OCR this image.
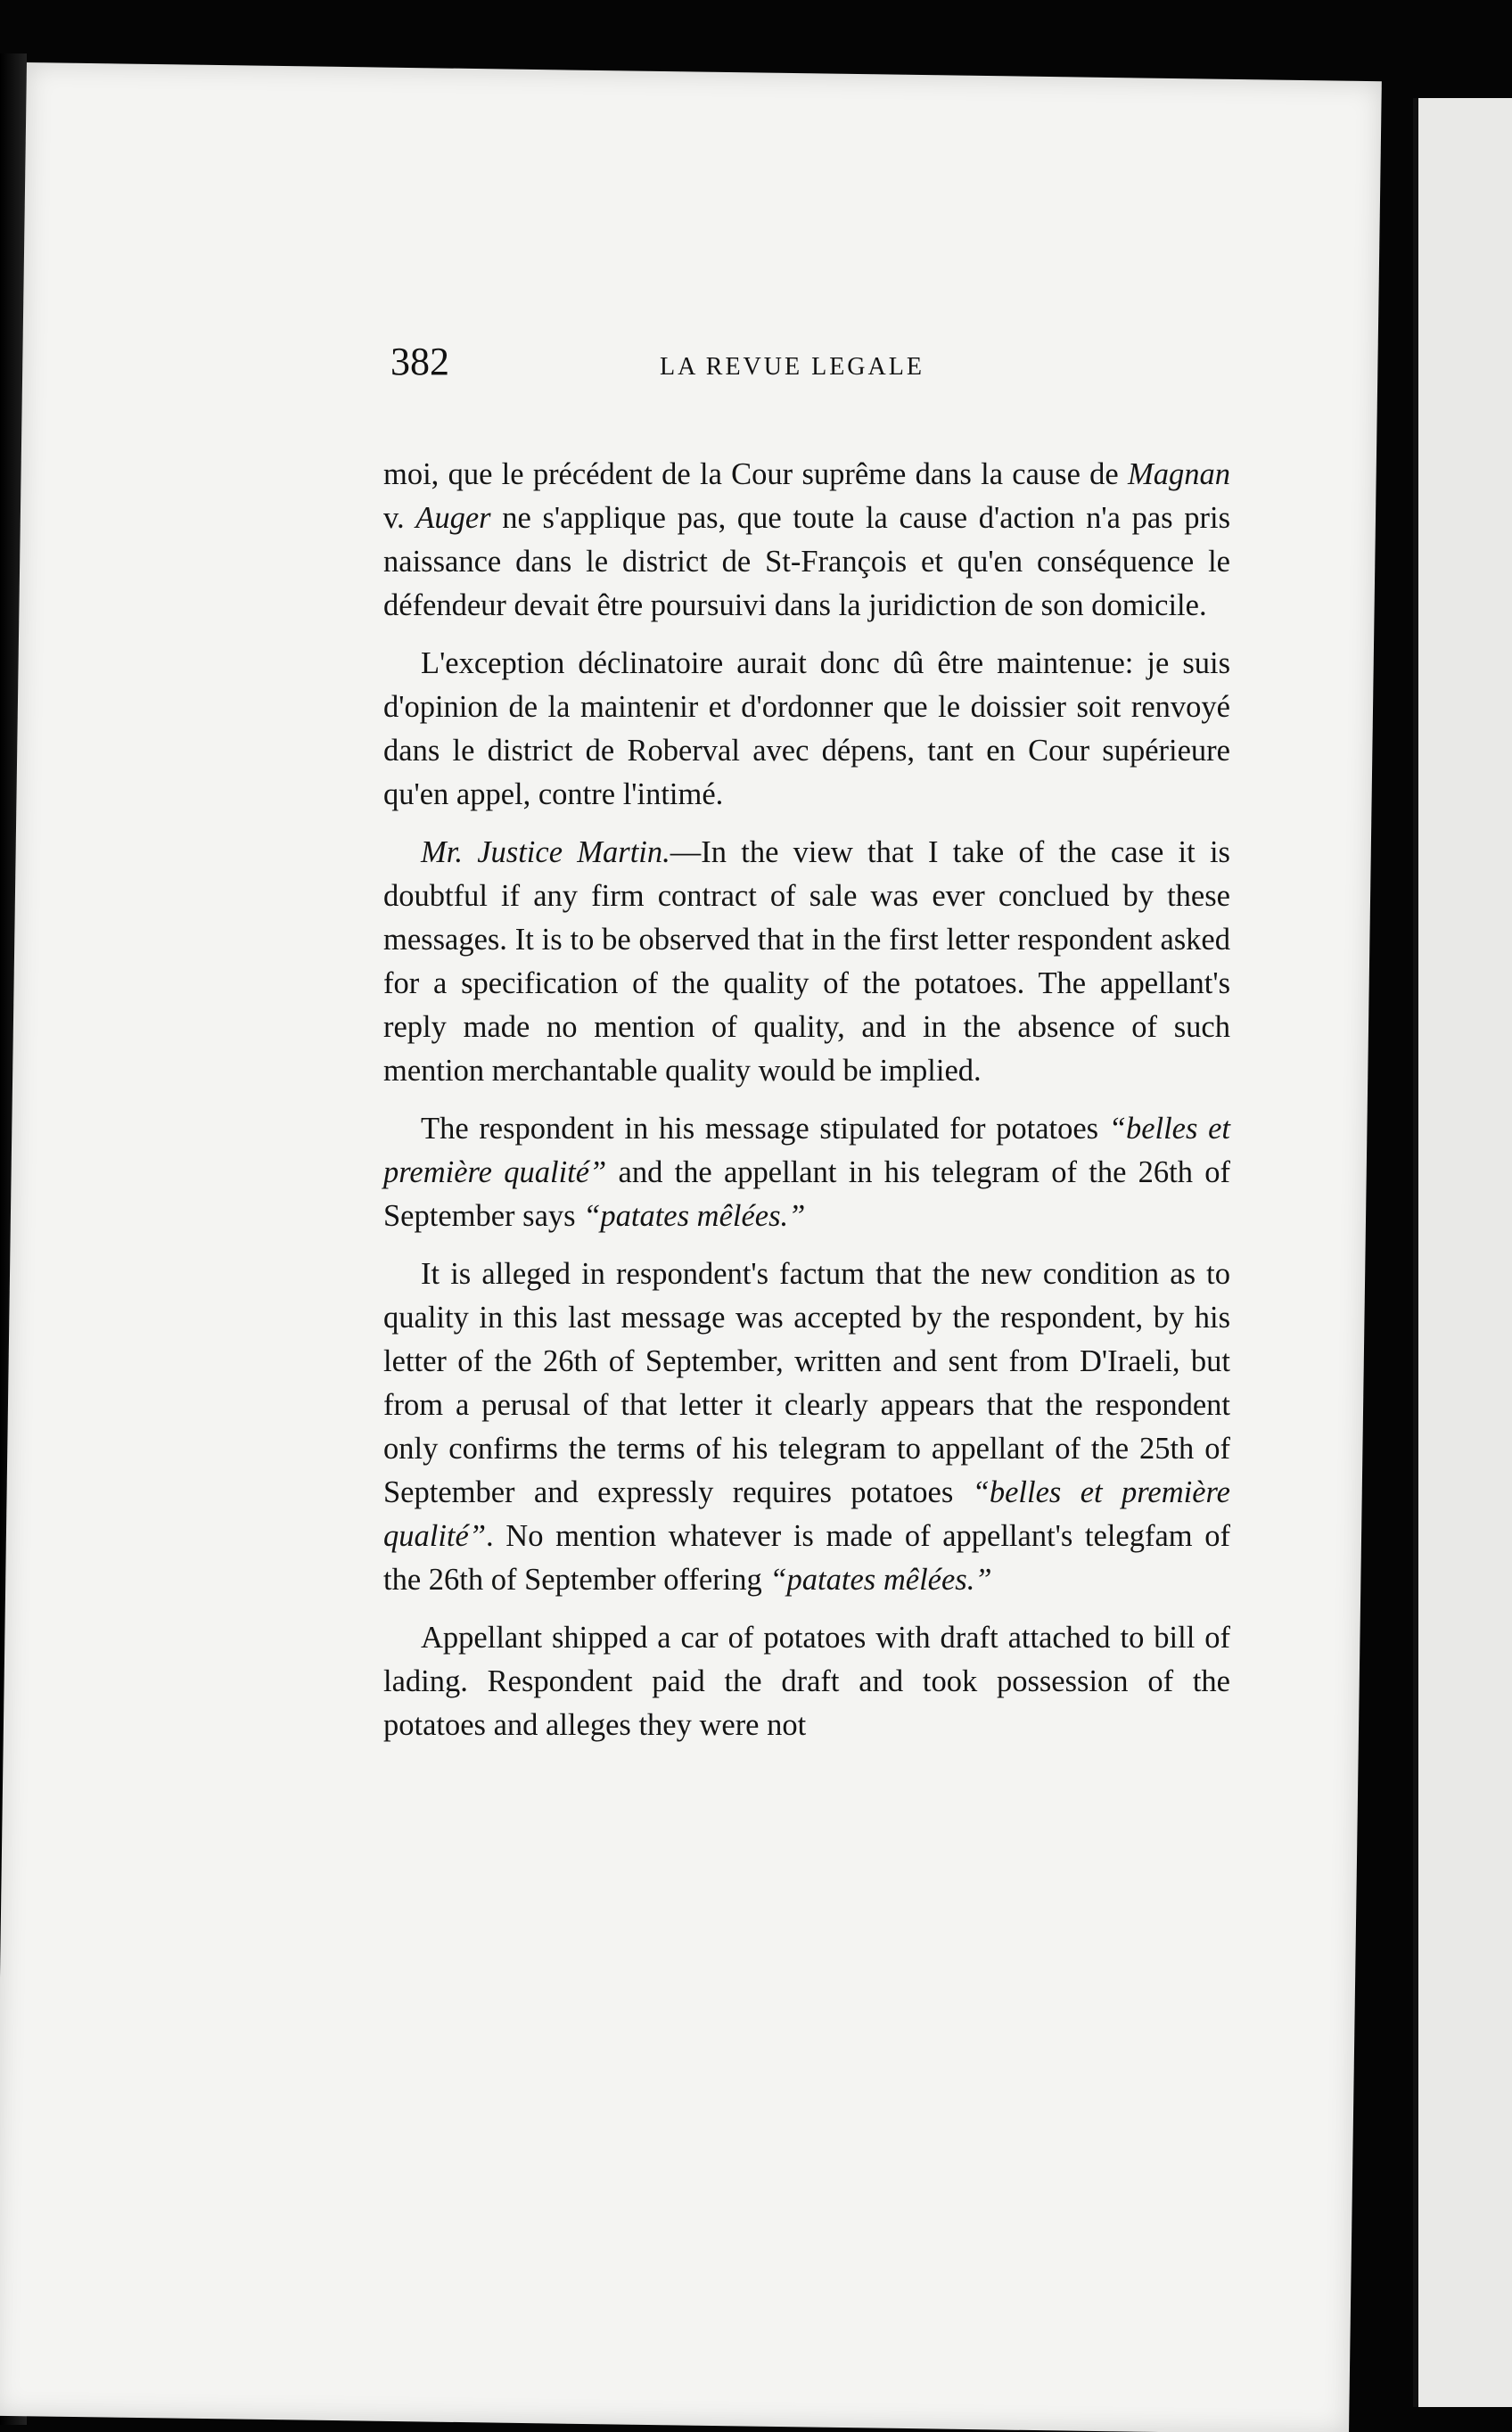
382	LA REVUE LEGALE

moi, que le précédent de la Cour suprême dans la cause de Magnan v. Auger ne s'applique pas, que toute la cause d'action n'a pas pris naissance dans le district de St-François et qu'en conséquence le défendeur devait être poursuivi dans la juridiction de son domicile.

L'exception déclinatoire aurait donc dû être maintenue: je suis d'opinion de la maintenir et d'ordonner que le doissier soit renvoyé dans le district de Roberval avec dépens, tant en Cour supérieure qu'en appel, contre l'intimé.

Mr. Justice Martin.—In the view that I take of the case it is doubtful if any firm contract of sale was ever conclued by these messages. It is to be observed that in the first letter respondent asked for a specification of the quality of the potatoes. The appellant's reply made no mention of quality, and in the absence of such mention merchantable quality would be implied.

The respondent in his message stipulated for potatoes “belles et première qualité” and the appellant in his telegram of the 26th of September says “patates mêlées.”

It is alleged in respondent's factum that the new condition as to quality in this last message was accepted by the respondent, by his letter of the 26th of September, written and sent from D'Iraeli, but from a perusal of that letter it clearly appears that the respondent only confirms the terms of his telegram to appellant of the 25th of September and expressly requires potatoes “belles et première qualité”. No mention whatever is made of appellant's telegfam of the 26th of September offering “patates mêlées.”

Appellant shipped a car of potatoes with draft attached to bill of lading. Respondent paid the draft and took possession of the potatoes and alleges they were not
